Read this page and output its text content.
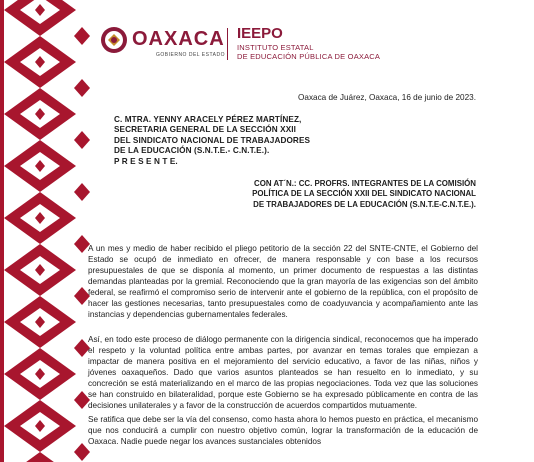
OAXACA
GOBIERNO DEL ESTADO
IEEPO
INSTITUTO ESTATAL
DE EDUCACIÓN PÚBLICA DE OAXACA
Oaxaca de Juárez, Oaxaca, 16 de junio de 2023.
C. MTRA. YENNY ARACELY PÉREZ MARTÍNEZ,
SECRETARIA GENERAL DE LA SECCIÓN XXII
DEL SINDICATO NACIONAL DE TRABAJADORES
DE LA EDUCACIÓN (S.N.T.E.- C.N.T.E.).
P R E S E N T E.
CON AT´N.: CC. PROFRS. INTEGRANTES DE LA COMISIÓN
POLÍTICA DE LA SECCIÓN XXII DEL SINDICATO NACIONAL
DE TRABAJADORES DE LA EDUCACIÓN (S.N.T.E-C.N.T.E.).
A un mes y medio de haber recibido el pliego petitorio de la sección 22 del SNTE-CNTE, el Gobierno del Estado se ocupó de inmediato en ofrecer, de manera responsable y con base a los recursos presupuestales de que se disponía al momento, un primer documento de respuestas a las distintas demandas planteadas por la gremial. Reconociendo que la gran mayoría de las exigencias son del ámbito federal, se reafirmó el compromiso serio de intervenir ante el gobierno de la república, con el propósito de hacer las gestiones necesarias, tanto presupuestales como de coadyuvancia y acompañamiento ante las instancias y dependencias gubernamentales federales.
Así, en todo este proceso de diálogo permanente con la dirigencia sindical, reconocemos que ha imperado el respeto y la voluntad política entre ambas partes, por avanzar en temas torales que empiezan a impactar de manera positiva en el mejoramiento del servicio educativo, a favor de las niñas, niños y jóvenes oaxaqueños. Dado que varios asuntos planteados se han resuelto en lo inmediato, y su concreción se está materializando en el marco de las propias negociaciones. Toda vez que las soluciones se han construido en bilateralidad, porque este Gobierno se ha expresado públicamente en contra de las decisiones unilaterales y a favor de la construcción de acuerdos compartidos mutuamente.
Se ratifica que debe ser la vía del consenso, como hasta ahora lo hemos puesto en práctica, el mecanismo que nos conducirá a cumplir con nuestro objetivo común, lograr la transformación de la educación de Oaxaca. Nadie puede negar los avances sustanciales obtenidos
